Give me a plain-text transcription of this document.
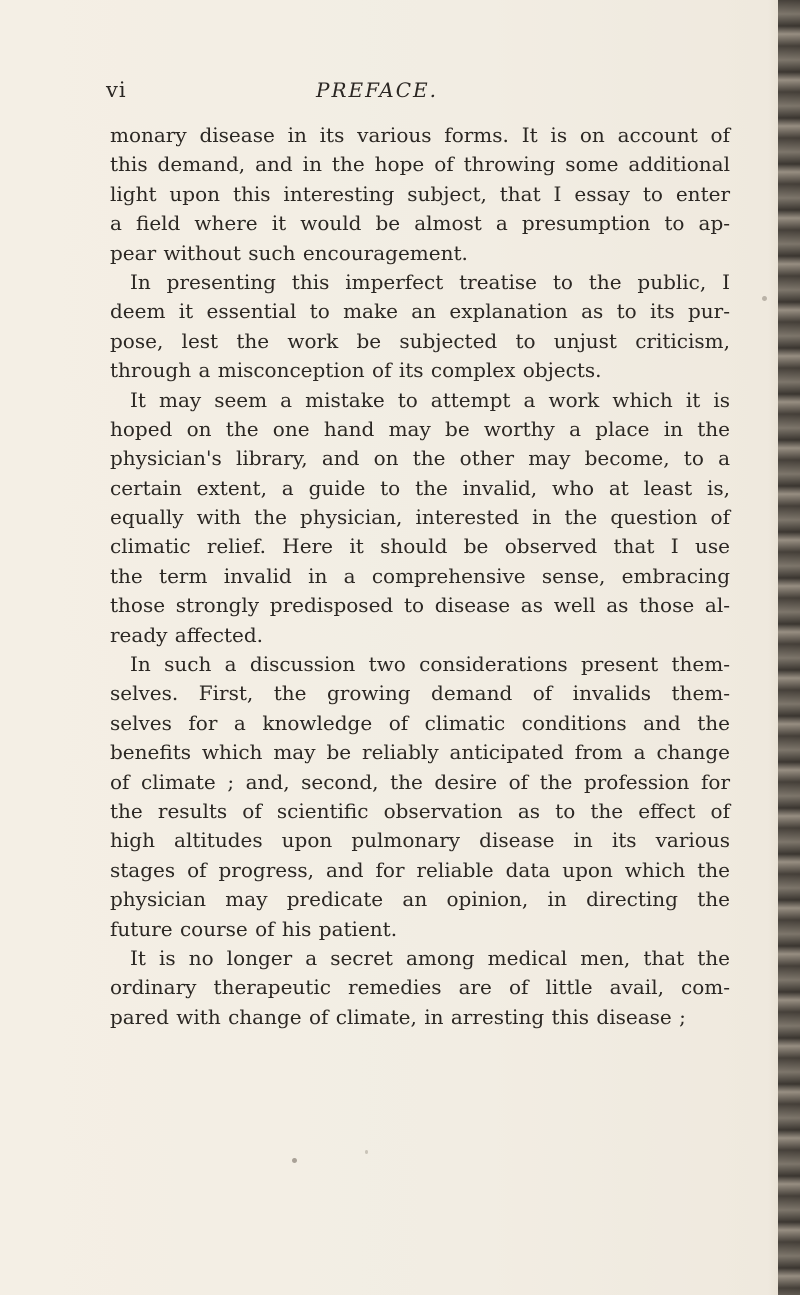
vi	PREFACE.
monary disease in its various forms. It is on account of
this demand, and in the hope of throwing some additional
light upon this interesting subject, that I essay to enter
a field where it would be almost a presumption to ap-
pear without such encouragement.
In presenting this imperfect treatise to the public, I
deem it essential to make an explanation as to its pur-
pose, lest the work be subjected to unjust criticism,
through a misconception of its complex objects.
It may seem a mistake to attempt a work which it is
hoped on the one hand may be worthy a place in the
physician's library, and on the other may become, to a
certain extent, a guide to the invalid, who at least is,
equally with the physician, interested in the question of
climatic relief. Here it should be observed that I use
the term invalid in a comprehensive sense, embracing
those strongly predisposed to disease as well as those al-
ready affected.
In such a discussion two considerations present them-
selves. First, the growing demand of invalids them-
selves for a knowledge of climatic conditions and the
benefits which may be reliably anticipated from a change
of climate ; and, second, the desire of the profession for
the results of scientific observation as to the effect of
high altitudes upon pulmonary disease in its various
stages of progress, and for reliable data upon which the
physician may predicate an opinion, in directing the
future course of his patient.
It is no longer a secret among medical men, that the
ordinary therapeutic remedies are of little avail, com-
pared with change of climate, in arresting this disease ;
